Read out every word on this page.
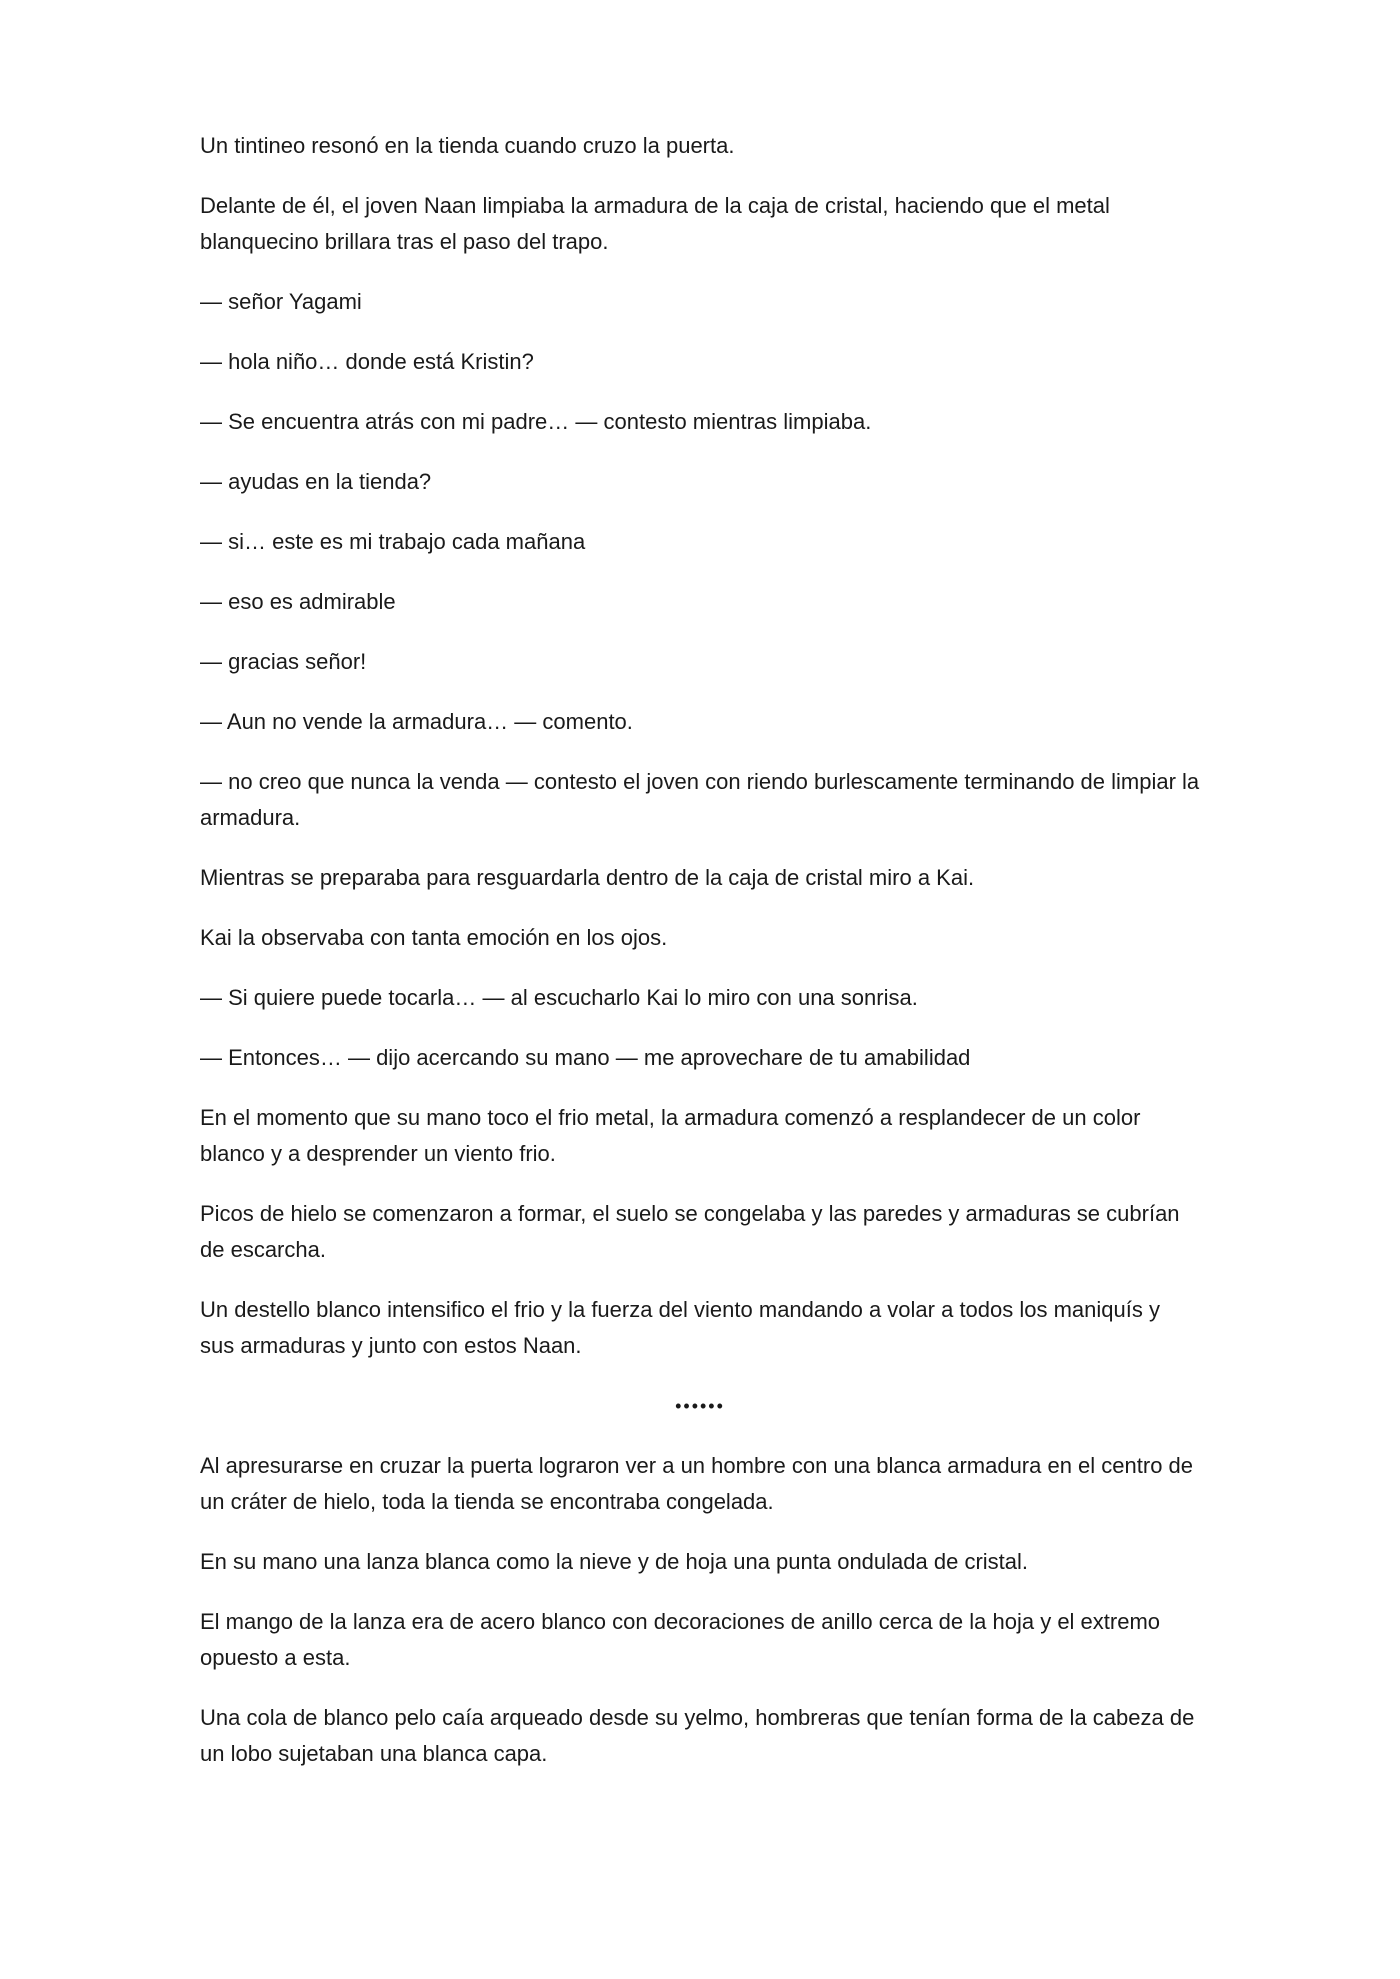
Un tintineo resonó en la tienda cuando cruzo la puerta.

Delante de él, el joven Naan limpiaba la armadura de la caja de cristal, haciendo que el metal blanquecino brillara tras el paso del trapo.

— señor Yagami

— hola niño… donde está Kristin?

— Se encuentra atrás con mi padre… — contesto mientras limpiaba.

— ayudas en la tienda?

— si… este es mi trabajo cada mañana

— eso es admirable

— gracias señor!

— Aun no vende la armadura… — comento.

— no creo que nunca la venda — contesto el joven con riendo burlescamente terminando de limpiar la armadura.

Mientras se preparaba para resguardarla dentro de la caja de cristal miro a Kai.

Kai la observaba con tanta emoción en los ojos.

— Si quiere puede tocarla… — al escucharlo Kai lo miro con una sonrisa.

— Entonces… — dijo acercando su mano — me aprovechare de tu amabilidad

En el momento que su mano toco el frio metal, la armadura comenzó a resplandecer de un color blanco y a desprender un viento frio.

Picos de hielo se comenzaron a formar, el suelo se congelaba y las paredes y armaduras se cubrían de escarcha.

Un destello blanco intensifico el frio y la fuerza del viento mandando a volar a todos los maniquís y sus armaduras y junto con estos Naan.

••••••

Al apresurarse en cruzar la puerta lograron ver a un hombre con una blanca armadura en el centro de un cráter de hielo, toda la tienda se encontraba congelada.

En su mano una lanza blanca como la nieve y de hoja una punta ondulada de cristal.

El mango de la lanza era de acero blanco con decoraciones de anillo cerca de la hoja y el extremo opuesto a esta.

Una cola de blanco pelo caía arqueado desde su yelmo, hombreras que tenían forma de la cabeza de un lobo sujetaban una blanca capa.
